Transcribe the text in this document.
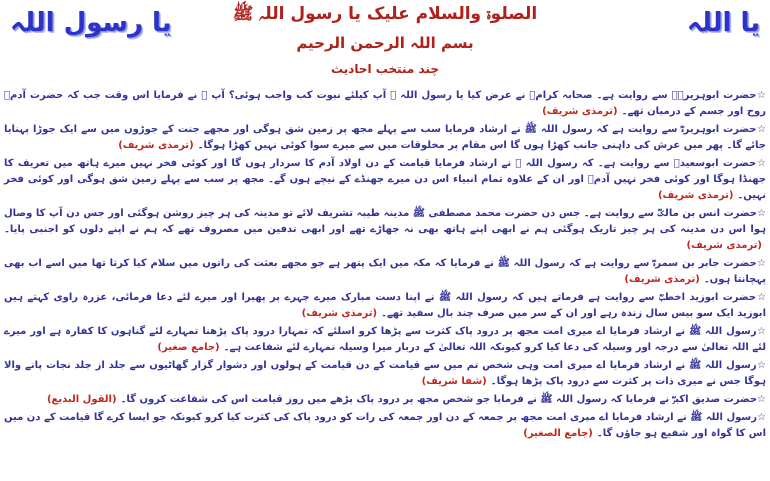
یا رسول اللہ	یا اللہ
الصلوۃ والسلام علیک یا رسول اللہ ﷺ
بسم اللہ الرحمن الرحیم
چند منتخب احادیث

☆حضرت ابوہریرہؓ سے روایت ہے۔ صحابہ کرامؓ نے عرض کیا یا رسول اللہ ﷺ آپ کیلئے نبوت کب واجب ہوئی؟ آپ ﷺ نے فرمایا اس وقت جب کہ حضرت آدمؑ روح اور جسم کے درمیان تھے۔(ترمذی شریف)

☆حضرت ابوہریرہؓ سے روایت ہے کہ رسول اللہ ﷺ نے ارشاد فرمایا سب سے پہلے مجھ پر زمین شق ہوگی اور مجھے جنت کے جوڑوں میں سے ایک جوڑا پہنایا جائے گا۔ پھر میں عرش کی داہنی جانب کھڑا ہوں گا اس مقام پر مخلوقات میں سے میرے سوا کوئی نہیں کھڑا ہوگا۔(ترمذی شریف)

☆حضرت ابوسعیدؓ سے روایت ہے۔ کہ رسول اللہ ﷺ نے ارشاد فرمایا قیامت کے دن اولاد آدم کا سردار ہوں گا اور کوئی فخر نہیں میرے ہاتھ میں تعریف کا جھنڈا ہوگا اور کوئی فخر نہیں آدمؑ اور ان کے علاوہ تمام انبیاء اس دن میرے جھنڈے کے نیچے ہوں گے۔ مجھ پر سب سے پہلے زمین شق ہوگی اور کوئی فخر نہیں۔(ترمذی شریف)

☆حضرت انس بن مالکؓ سے روایت ہے۔ جس دن حضرت محمد مصطفی ﷺ مدینہ طیبہ تشریف لائے تو مدینہ کی ہر چیز روشن ہوگئی اور جس دن آپ کا وصال ہوا اس دن مدینہ کی ہر چیز تاریک ہوگئی ہم نے ابھی اپنے ہاتھ بھی نہ جھاڑے تھے اور ابھی تدفین میں مصروف تھے کہ ہم نے اپنے دلوں کو اجنبی پایا۔(ترمذی شریف)

☆حضرت جابر بن سمرہؓ سے روایت ہے کہ رسول اللہ ﷺ نے فرمایا کہ مکہ میں ایک پتھر ہے جو مجھے بعثت کی راتوں میں سلام کیا کرتا تھا میں اسے اب بھی پہچانتا ہوں۔(ترمذی شریف)

☆حضرت ابوزید اخطبؓ سے روایت ہے فرماتے ہیں کہ رسول اللہ ﷺ نے اپنا دست مبارک میرے چہرے پر پھیرا اور میرے لئے دعا فرمائی، عزرہ راوی کہتے ہیں ابوزید ایک سو بیس سال زندہ رہے اور ان کے سر میں صرف چند بال سفید تھے۔(ترمذی شریف)

☆رسول اللہ ﷺ نے ارشاد فرمایا اے میری امت مجھ پر درود پاک کثرت سے پڑھا کرو اسلئے کہ تمہارا درود پاک پڑھنا تمہارے لئے گناہوں کا کفارہ ہے اور میرے لئے اللہ تعالیٰ سے درجہ اور وسیلہ کی دعا کیا کرو کیونکہ اللہ تعالیٰ کے دربار میرا وسیلہ تمہارے لئے شفاعت ہے۔(جامع صغیر)

☆رسول اللہ ﷺ نے ارشاد فرمایا اے میری امت وہی شخص تم میں سے قیامت کے دن قیامت کے ہولوں اور دشوار گزار گھاٹیوں سے جلد از جلد نجات پانے والا ہوگا جس نے میری ذات پر کثرت سے درود پاک پڑھا ہوگا۔(شفا شریف)

☆حضرت صدیق اکبرؓ نے فرمایا کہ رسول اللہ ﷺ نے فرمایا جو شخص مجھ پر درود پاک پڑھے میں روز قیامت اس کی شفاعت کروں گا۔(القول البدیع)

☆رسول اللہ ﷺ نے ارشاد فرمایا اے میری امت مجھ پر جمعہ کے دن اور جمعہ کی رات کو درود پاک کی کثرت کیا کرو کیونکہ جو ایسا کرے گا قیامت کے دن میں اس کا گواہ اور شفیع ہو جاؤں گا۔(جامع الصغیر)
